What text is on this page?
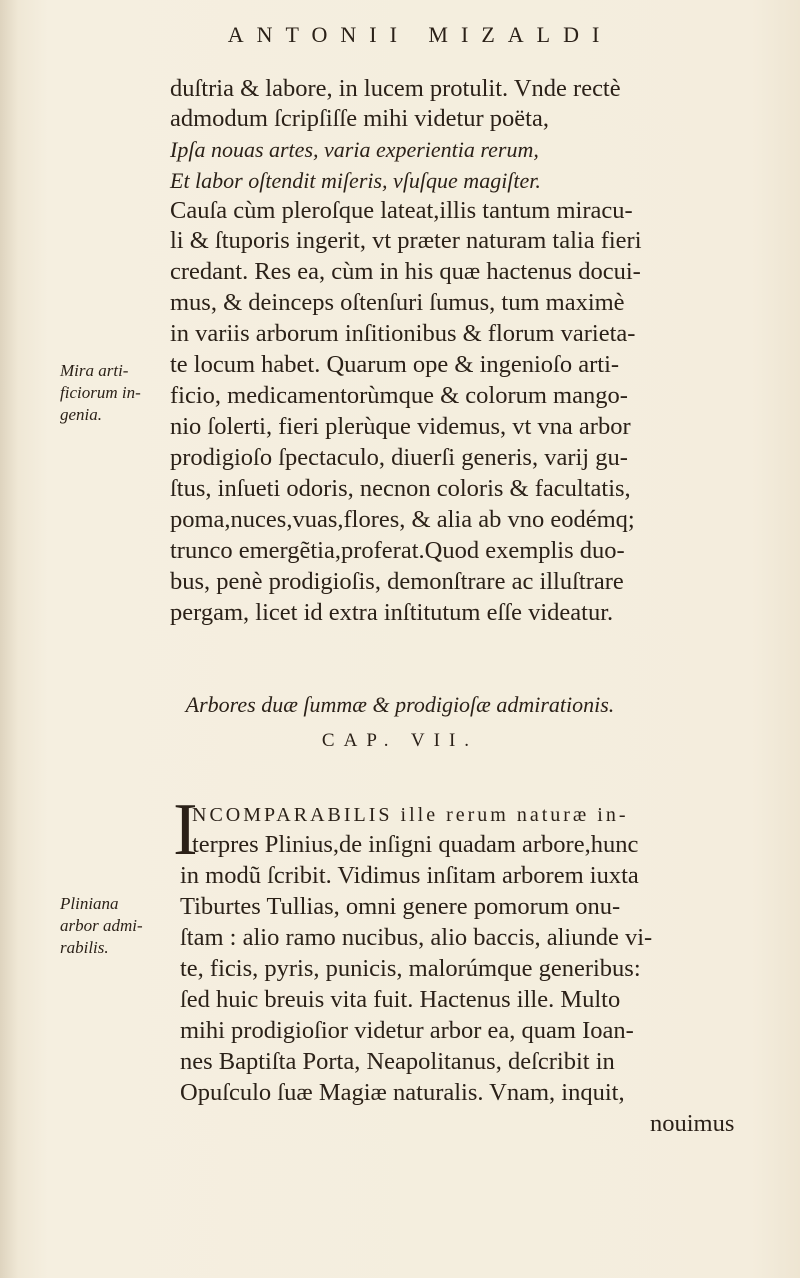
ANTONII MIZALDI
duſtria & labore, in lucem protulit. Vnde rectè
admodum ſcripſiſſe mihi videtur poëta,
Ipſa nouas artes, varia experientia rerum,
Et labor oſtendit miſeris, vſuſque magiſter.
Cauſa cùm pleroſque lateat,illis tantum miracu-
li & ſtuporis ingerit, vt præter naturam talia fieri
credant. Res ea, cùm in his quæ hactenus docui-
mus, & deinceps oſtenſuri ſumus, tum maximè
in variis arborum inſitionibus & florum varieta-
te locum habet. Quarum ope & ingenioſo arti-
ficio, medicamentorùmque & colorum mango-
nio ſolerti, fieri plerùque videmus, vt vna arbor
prodigioſo ſpectaculo, diuerſi generis, varij gu-
ſtus, inſueti odoris, necnon coloris & facultatis,
poma,nuces,vuas,flores, & alia ab vno eodémq;
trunco emergẽtia,proferat.Quod exemplis duo-
bus, penè prodigioſis, demonſtrare ac illuſtrare
pergam, licet id extra inſtitutum eſſe videatur.
Mira arti-
ficiorum in-
genia.
Arbores duæ ſummæ & prodigioſæ admirationis.
CAP. VII.
I
NCOMPARABILIS ille rerum naturæ in-
terpres Plinius,de inſigni quadam arbore,hunc
in modũ ſcribit. Vidimus inſitam arborem iuxta
Tiburtes Tullias, omni genere pomorum onu-
ſtam : alio ramo nucibus, alio baccis, aliunde vi-
te, ficis, pyris, punicis, malorúmque generibus:
ſed huic breuis vita fuit. Hactenus ille. Multo
mihi prodigioſior videtur arbor ea, quam Ioan-
nes Baptiſta Porta, Neapolitanus, deſcribit in
Opuſculo ſuæ Magiæ naturalis. Vnam, inquit,
nouimus
Pliniana
arbor admi-
rabilis.
